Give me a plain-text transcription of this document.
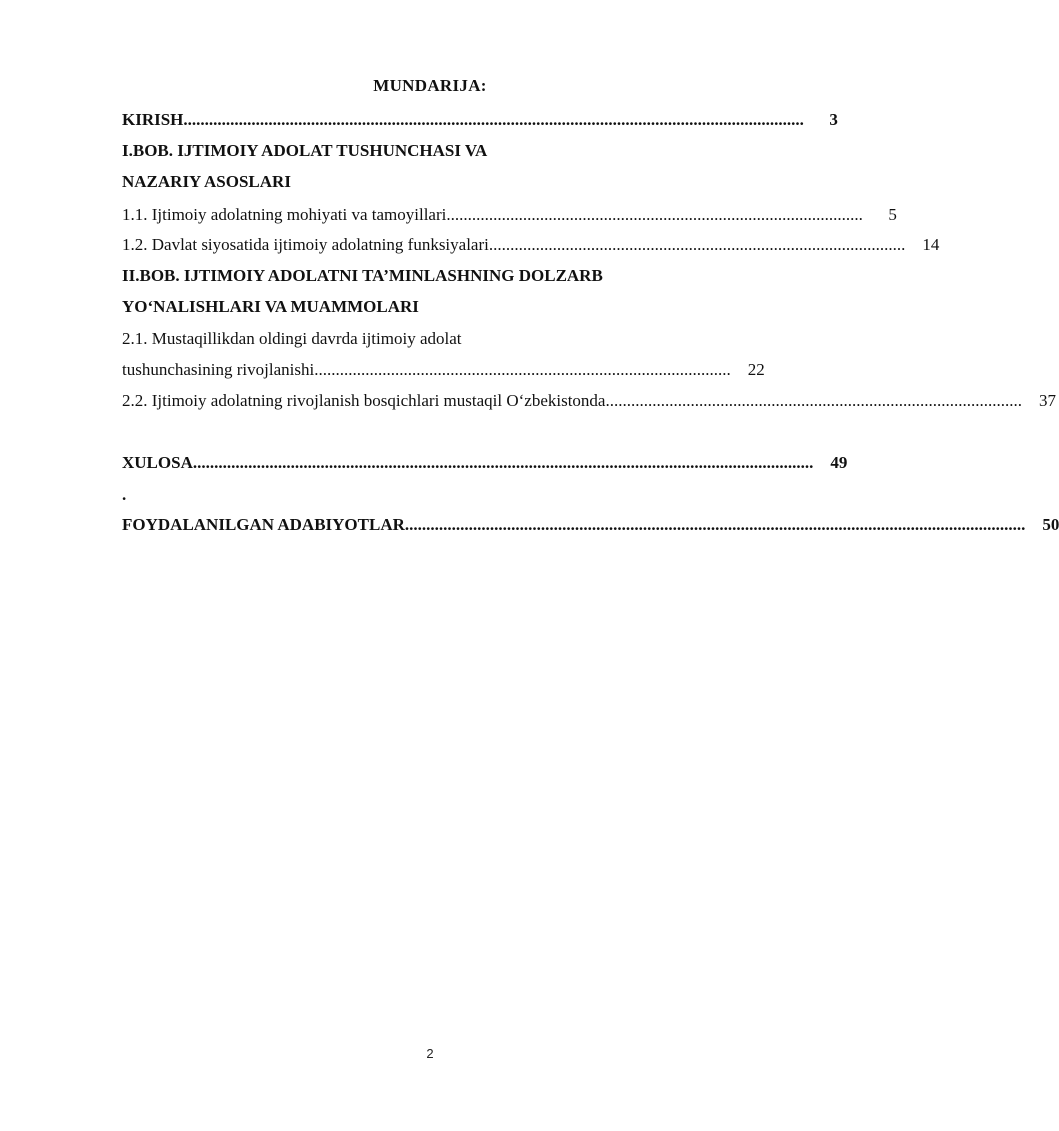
MUNDARIJA:
KIRISH ..................................................................................................................................................	3
I.BOB. IJTIMOIY ADOLAT TUSHUNCHASI VA
NAZARIY ASOSLARI
1.1. Ijtimoiy adolatning mohiyati va tamoyillari ..................................................................................................	5
1.2. Davlat siyosatida ijtimoiy adolatning funksiyalari .................................................................................................. 14
II.BOB. IJTIMOIY ADOLATNI TA’MINLASHNING DOLZARB
YO‘NALISHLARI VA MUAMMOLARI
2.1. Mustaqillikdan oldingi davrda ijtimoiy adolat
tushunchasining rivojlanishi .................................................................................................. 22
2.2. Ijtimoiy adolatning rivojlanish bosqichlari mustaqil O‘zbekistonda .................................................................................................. 37
XULOSA .................................................................................................................................................. 49
.
FOYDALANILGAN ADABIYOTLAR .................................................................................................................................................. 50
2
